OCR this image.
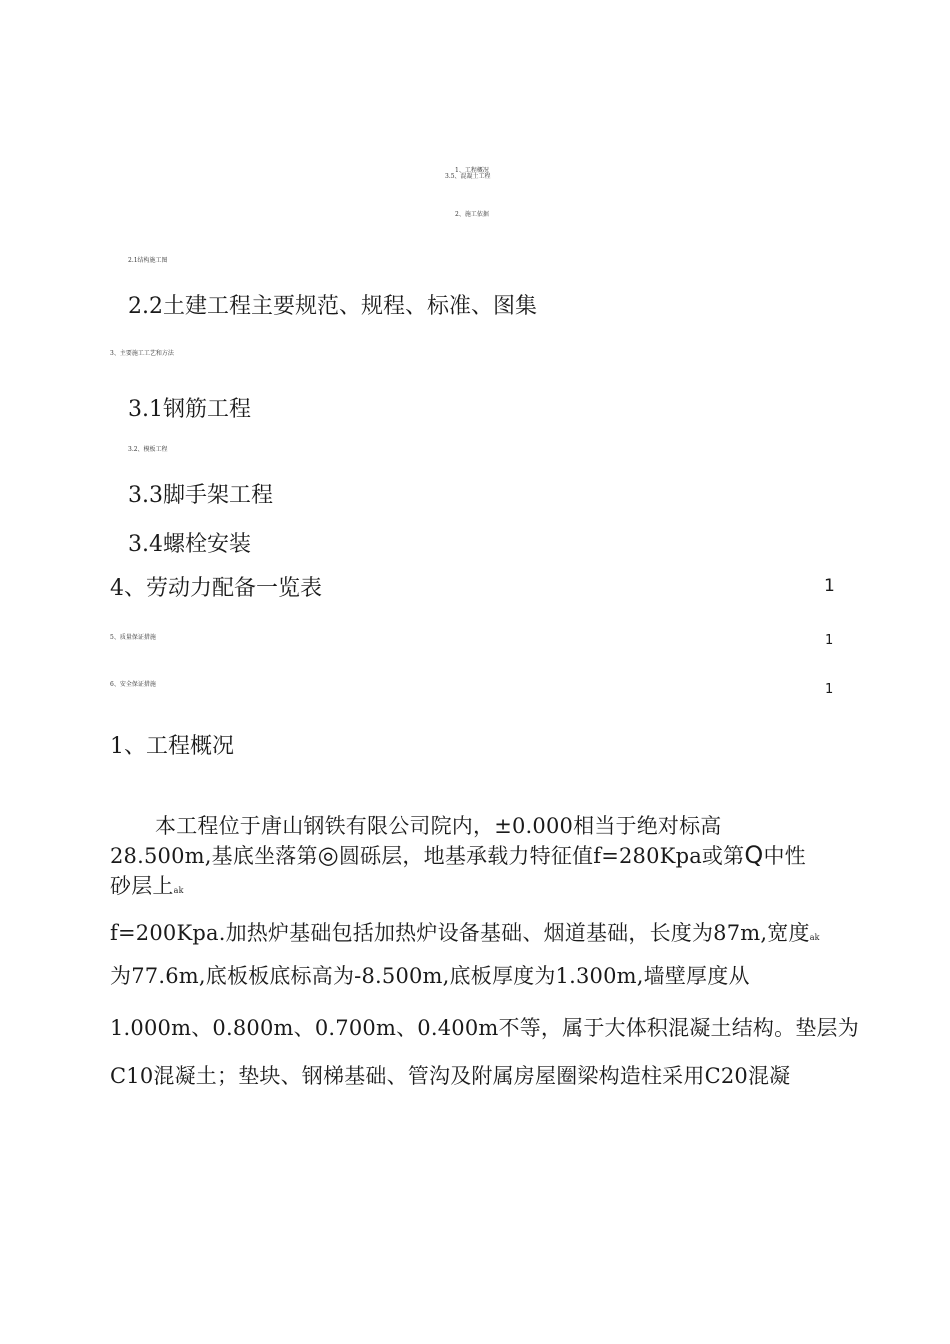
1、工程概况
3.5、混凝土工程
2、施工依据
2.1结构施工图
2.2土建工程主要规范、规程、标准、图集
3、主要施工工艺和方法
3.1钢筋工程
3.2、模板工程
3.3脚手架工程
3.4螺栓安装
4、劳动力配备一览表	1
5、质量保证措施	1
6、安全保证措施	1
1、工程概况
本工程位于唐山钢铁有限公司院内，±0.000相当于绝对标高
28.500m,基底坐落第◎圆砾层，地基承载力特征值f=280Kpa或第Q中性
砂层上ak
f=200Kpa.加热炉基础包括加热炉设备基础、烟道基础，长度为87m,宽度ak
为77.6m,底板板底标高为-8.500m,底板厚度为1.300m,墙壁厚度从
1.000m、0.800m、0.700m、0.400m不等，属于大体积混凝土结构。垫层为
C10混凝土；垫块、钢梯基础、管沟及附属房屋圈梁构造柱采用C20混凝
